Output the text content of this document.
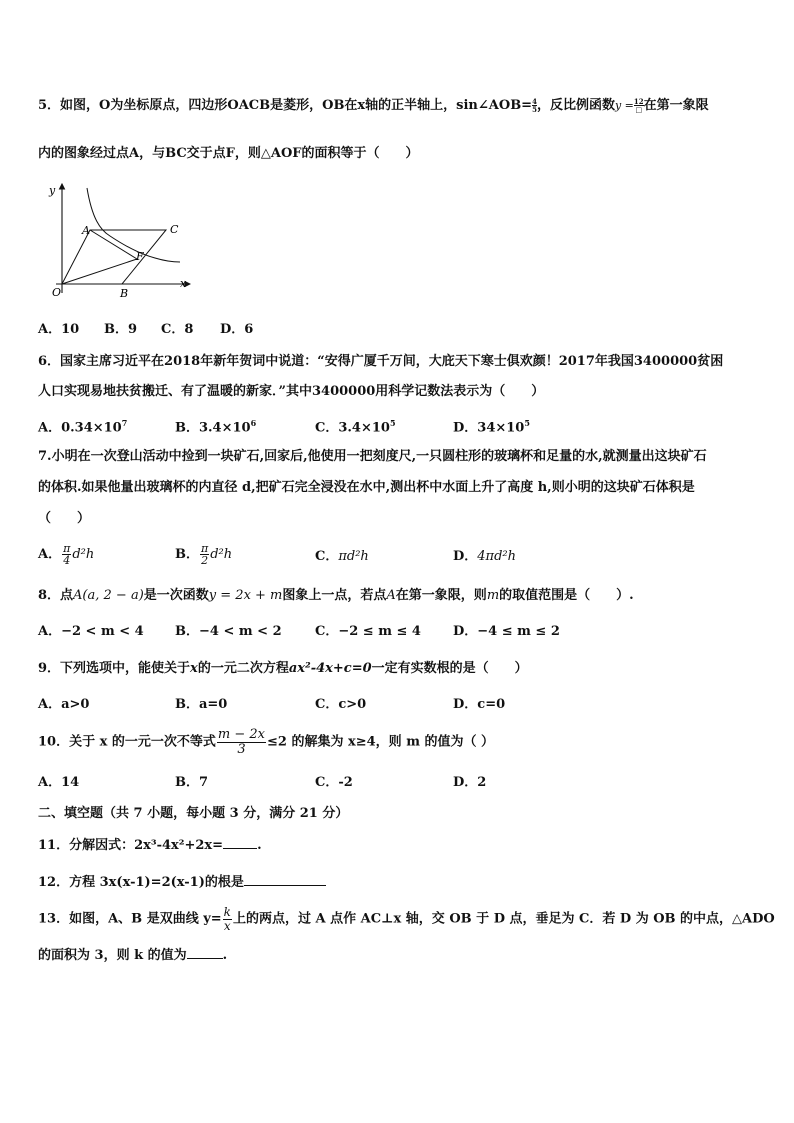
5．如图，O为坐标原点，四边形OACB是菱形，OB在x轴的正半轴上，sin∠AOB= $\frac{4}{5}$ ，反比例函数$y = \frac{12}{□}$ 在第一象限
内的图象经过点A，与BC交于点F，则△AOF的面积等于（　　）
y
x
O
A	C
F
B
A．10 B．9 C．8 D．6
6．国家主席习近平在2018年新年贺词中说道：“安得广厦千万间，大庇天下寒士俱欢颜！2017年我国3400000贫困
人口实现易地扶贫搬迁、有了温暖的新家．”其中3400000用科学记数法表示为（　　）
A．$0.34\times 10^7$	B．$3.4\times 10^6$	C．$3.4\times 10^5$	D．$34\times 10^5$
7.小明在一次登山活动中捡到一块矿石,回家后,他使用一把刻度尺,一只圆柱形的玻璃杯和足量的水,就测量出这块矿石
的体积.如果他量出玻璃杯的内直径 d,把矿石完全浸没在水中,测出杯中水面上升了高度 h,则小明的这块矿石体积是
（　　）
A． $\frac{\pi}{4} d^2h$	B． $\frac{\pi}{2} d^2h$	C．πd²h	D．4πd²h
8．点A(a, 2 − a)是一次函数y = 2x + m图象上一点，若点A在第一象限，则m的取值范围是（　　）.
A．−2 < m < 4 B．−4 < m < 2	C．−2 ≤ m ≤ 4 D．−4 ≤ m ≤ 2
9．下列选项中，能使关于x的一元二次方程ax²-4x+c=0一定有实数根的是（　　）
A．a>0	B．a=0	C．c>0	D．c=0
10．关于 x 的一元一次不等式 $\frac{m - 2x}{3} \le 2$ 的解集为 x≥4，则 m 的值为（ ）
A．14	B．7	C．-2	D．2
二、填空题（共 7 小题，每小题 3 分，满分 21 分）
11．分解因式：2x³-4x²+2x=	.
12．方程 3x(x-1)=2(x-1)的根是
13．如图，A、B 是双曲线 $y= \frac{k}{x}$ 上的两点，过 A 点作 AC⊥x 轴，交 OB 于 D 点，垂足为 C．若 D 为 OB 的中点，△ADO
的面积为 3，则 k 的值为	.
